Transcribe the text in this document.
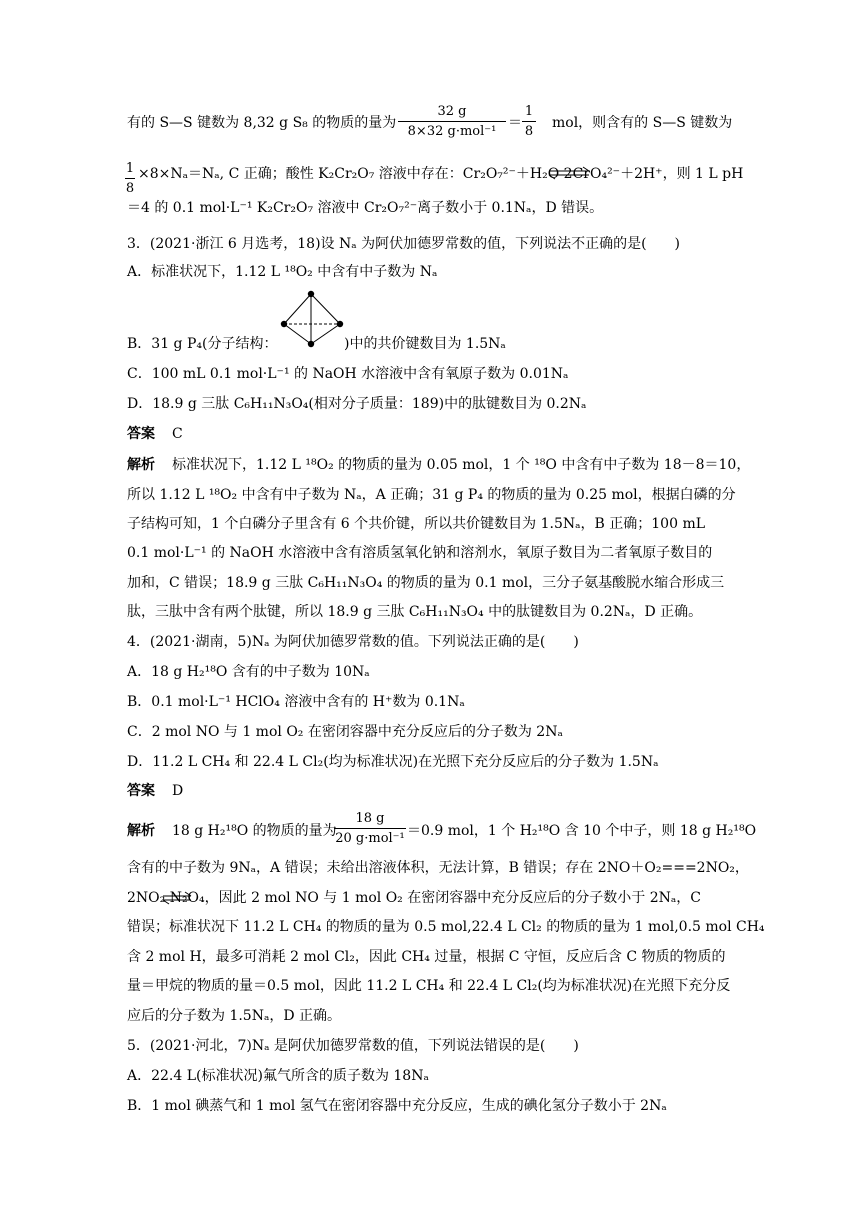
有的 S—S 键数为 8,32 g S₈ 的物质的量为
32 g
8×32 g·mol⁻¹
＝
1
8
mol，则含有的 S—S 键数为
1
8
×8×Nₐ＝Nₐ, C 正确；酸性 K₂Cr₂O₇ 溶液中存在：Cr₂O₇²⁻＋H₂O 2CrO₄²⁻＋2H⁺，则 1 L pH
＝4 的 0.1 mol·L⁻¹ K₂Cr₂O₇ 溶液中 Cr₂O₇²⁻离子数小于 0.1Nₐ，D 错误。
3．(2021·浙江 6 月选考，18)设 Nₐ 为阿伏加德罗常数的值，下列说法不正确的是(　　)
A．标准状况下，1.12 L ¹⁸O₂ 中含有中子数为 Nₐ
B．31 g P₄(分子结构：	)中的共价键数目为 1.5Nₐ
C．100 mL 0.1 mol·L⁻¹ 的 NaOH 水溶液中含有氧原子数为 0.01Nₐ
D．18.9 g 三肽 C₆H₁₁N₃O₄(相对分子质量：189)中的肽键数目为 0.2Nₐ
答案 C
解析 标准状况下，1.12 L ¹⁸O₂ 的物质的量为 0.05 mol，1 个 ¹⁸O 中含有中子数为 18－8＝10，
所以 1.12 L ¹⁸O₂ 中含有中子数为 Nₐ，A 正确；31 g P₄ 的物质的量为 0.25 mol，根据白磷的分
子结构可知，1 个白磷分子里含有 6 个共价键，所以共价键数目为 1.5Nₐ，B 正确；100 mL
0.1 mol·L⁻¹ 的 NaOH 水溶液中含有溶质氢氧化钠和溶剂水，氧原子数目为二者氧原子数目的
加和，C 错误；18.9 g 三肽 C₆H₁₁N₃O₄ 的物质的量为 0.1 mol，三分子氨基酸脱水缩合形成三
肽，三肽中含有两个肽键，所以 18.9 g 三肽 C₆H₁₁N₃O₄ 中的肽键数目为 0.2Nₐ，D 正确。
4．(2021·湖南，5)Nₐ 为阿伏加德罗常数的值。下列说法正确的是(　　)
A．18 g H₂¹⁸O 含有的中子数为 10Nₐ
B．0.1 mol·L⁻¹ HClO₄ 溶液中含有的 H⁺数为 0.1Nₐ
C．2 mol NO 与 1 mol O₂ 在密闭容器中充分反应后的分子数为 2Nₐ
D．11.2 L CH₄ 和 22.4 L Cl₂(均为标准状况)在光照下充分反应后的分子数为 1.5Nₐ
答案 D
解析 18 g H₂¹⁸O 的物质的量为
18 g
20 g·mol⁻¹ ＝0.9 mol，1 个 H₂¹⁸O 含 10 个中子，则 18 g H₂¹⁸O
含有的中子数为 9Nₐ，A 错误；未给出溶液体积，无法计算，B 错误；存在 2NO＋O₂===2NO₂，
2NO₂ N₂O₄，因此 2 mol NO 与 1 mol O₂ 在密闭容器中充分反应后的分子数小于 2Nₐ，C
错误；标准状况下 11.2 L CH₄ 的物质的量为 0.5 mol,22.4 L Cl₂ 的物质的量为 1 mol,0.5 mol CH₄
含 2 mol H，最多可消耗 2 mol Cl₂，因此 CH₄ 过量，根据 C 守恒，反应后含 C 物质的物质的
量＝甲烷的物质的量＝0.5 mol，因此 11.2 L CH₄ 和 22.4 L Cl₂(均为标准状况)在光照下充分反
应后的分子数为 1.5Nₐ，D 正确。
5．(2021·河北，7)Nₐ 是阿伏加德罗常数的值，下列说法错误的是(　　)
A．22.4 L(标准状况)氟气所含的质子数为 18Nₐ
B．1 mol 碘蒸气和 1 mol 氢气在密闭容器中充分反应，生成的碘化氢分子数小于 2Nₐ
